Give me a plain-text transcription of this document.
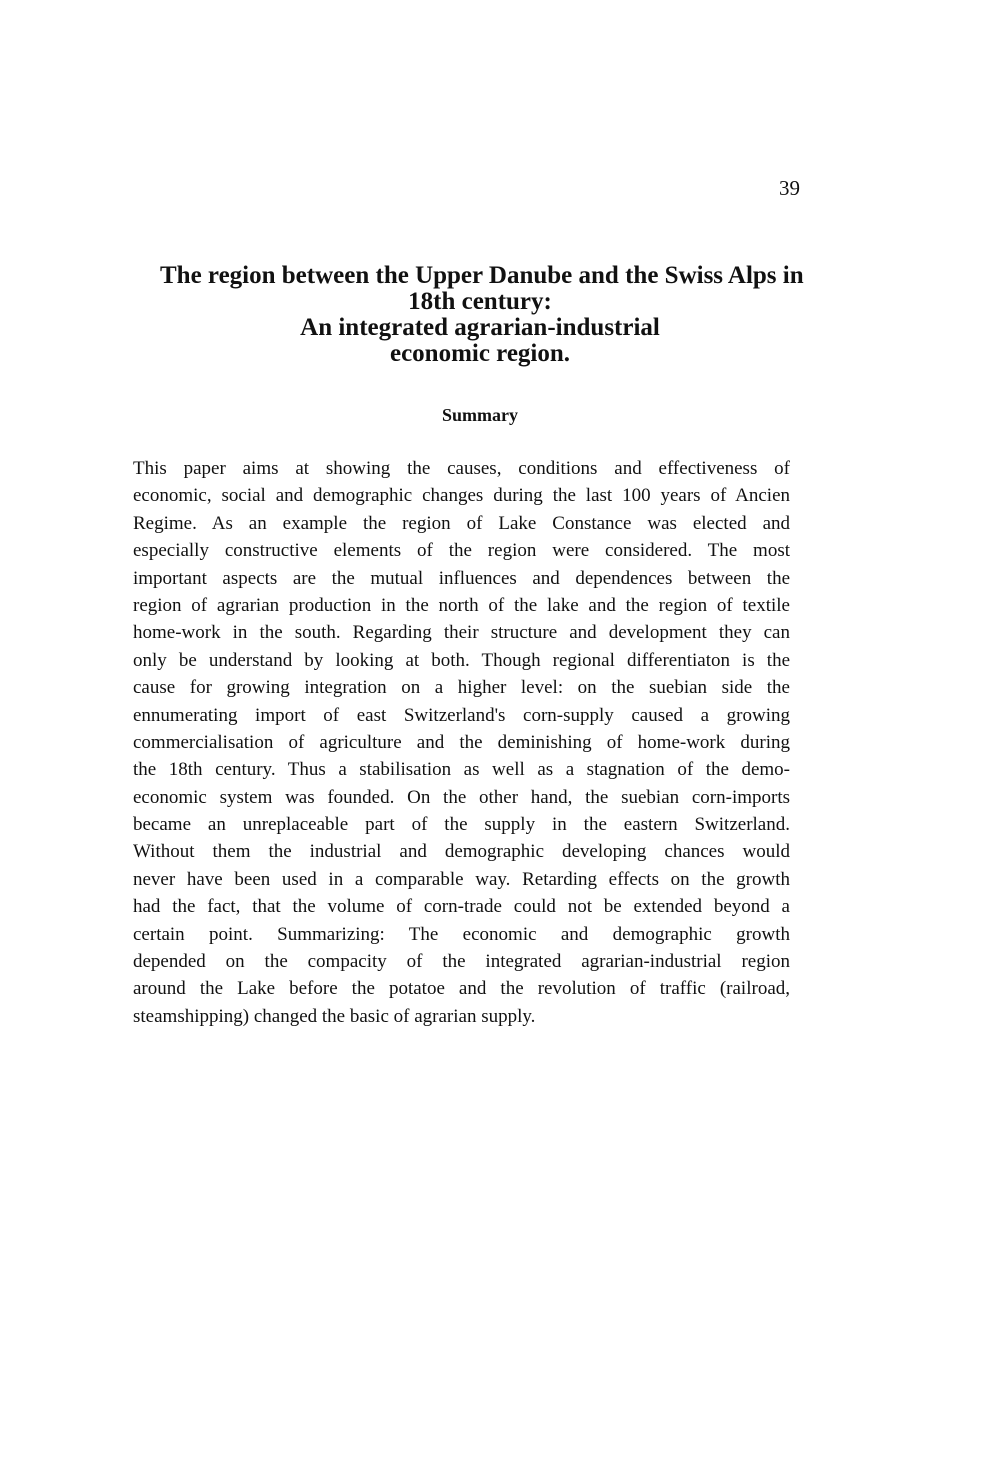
39
The region between the Upper Danube and the Swiss Alps in
18th century:
An integrated agrarian-industrial
economic region.
Summary
This paper aims at showing the causes, conditions and effectiveness of
economic, social and demographic changes during the last 100 years of Ancien
Regime. As an example the region of Lake Constance was elected and
especially constructive elements of the region were considered. The most
important aspects are the mutual influences and dependences between the
region of agrarian production in the north of the lake and the region of textile
home-work in the south. Regarding their structure and development they can
only be understand by looking at both. Though regional differentiaton is the
cause for growing integration on a higher level: on the suebian side the
ennumerating import of east Switzerland's corn-supply caused a growing
commercialisation of agriculture and the deminishing of home-work during
the 18th century. Thus a stabilisation as well as a stagnation of the demo-
economic system was founded. On the other hand, the suebian corn-imports
became an unreplaceable part of the supply in the eastern Switzerland.
Without them the industrial and demographic developing chances would
never have been used in a comparable way. Retarding effects on the growth
had the fact, that the volume of corn-trade could not be extended beyond a
certain point. Summarizing: The economic and demographic growth
depended on the compacity of the integrated agrarian-industrial region
around the Lake before the potatoe and the revolution of traffic (railroad,
steamshipping) changed the basic of agrarian supply.
